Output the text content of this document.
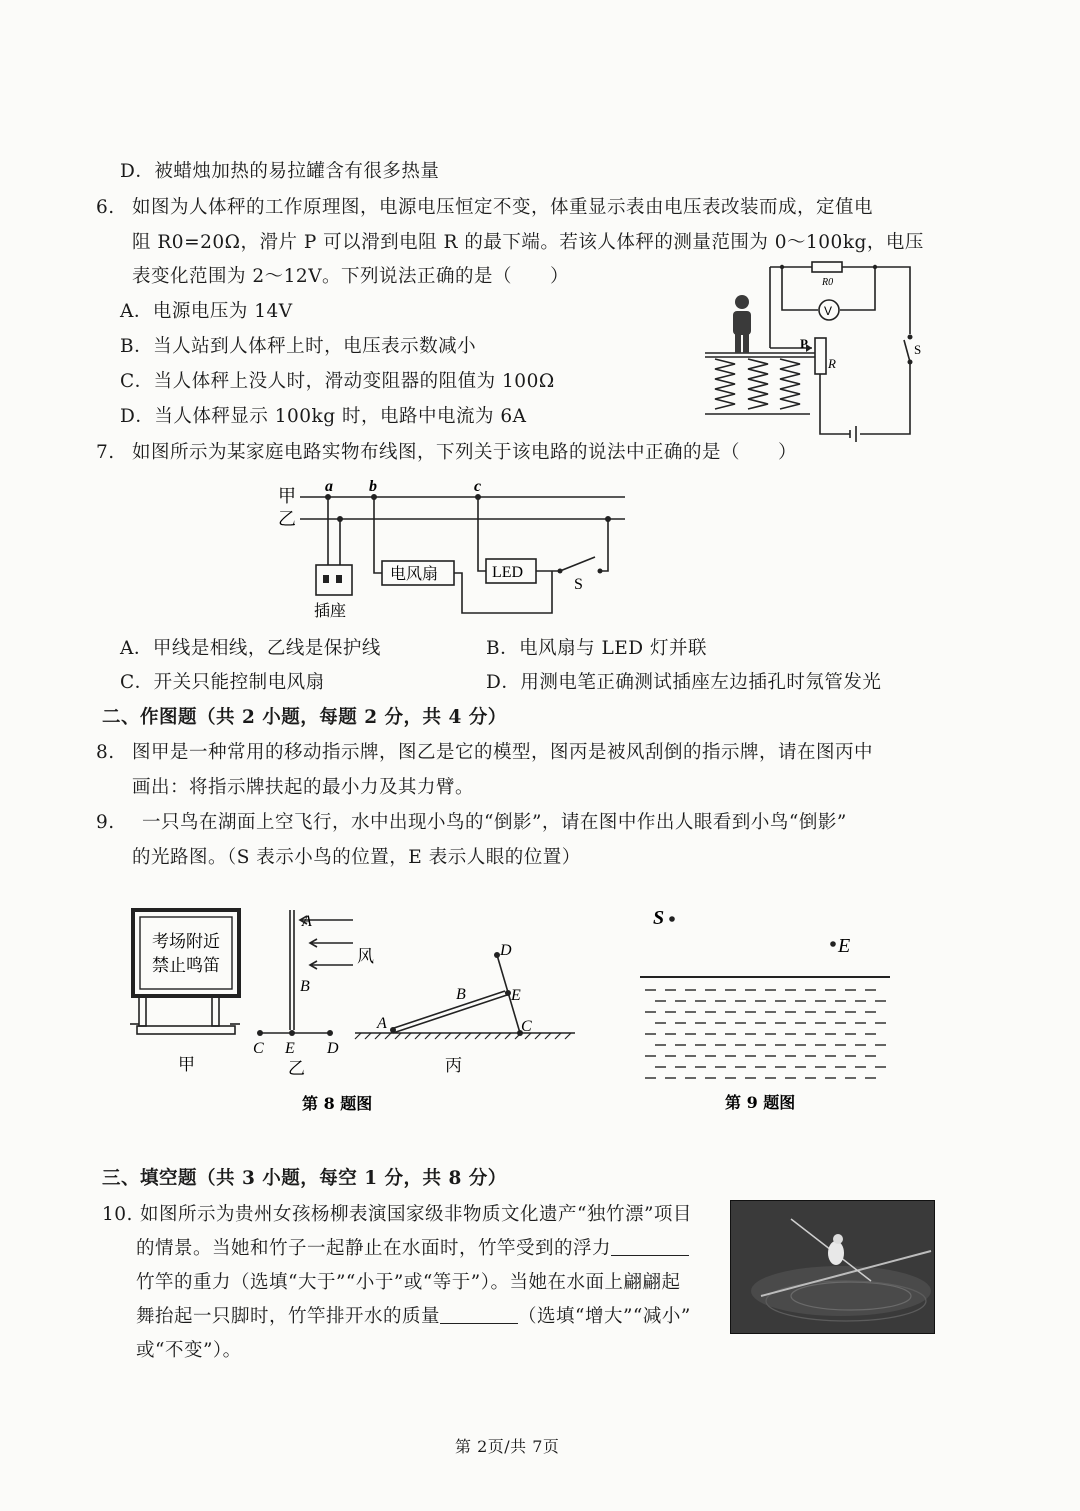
D．被蜡烛加热的易拉罐含有很多热量
6. 如图为人体秤的工作原理图，电源电压恒定不变，体重显示表由电压表改装而成，定值电
阻 R0=20Ω，滑片 P 可以滑到电阻 R 的最下端。若该人体秤的测量范围为 0～100kg，电压
表变化范围为 2～12V。下列说法正确的是（　　）
A．电源电压为 14V
B．当人站到人体秤上时，电压表示数减小
C．当人体秤上没人时，滑动变阻器的阻值为 100Ω
D．当人体秤显示 100kg 时，电路中电流为 6A
R0
V
P
R
S
7. 如图所示为某家庭电路实物布线图，下列关于该电路的说法中正确的是（　　）
甲
乙
a b	c
电风扇	LED
S
插座
A．甲线是相线，乙线是保护线	B．电风扇与 LED 灯并联
C．开关只能控制电风扇	D．用测电笔正确测试插座左边插孔时氖管发光
二、作图题（共 2 小题，每题 2 分，共 4 分）
8. 图甲是一种常用的移动指示牌，图乙是它的模型，图丙是被风刮倒的指示牌，请在图丙中
画出：将指示牌扶起的最小力及其力臂。
9. 一只鸟在湖面上空飞行，水中出现小鸟的“倒影”，请在图中作出人眼看到小鸟“倒影”
的光路图。（S 表示小鸟的位置，E 表示人眼的位置）
考场附近
禁止鸣笛
甲
A
B
C E D
风
乙
A
B
C
D
E
丙
第 8 题图
S
E
第 9 题图
三、填空题（共 3 小题，每空 1 分，共 8 分）
10. 如图所示为贵州女孩杨柳表演国家级非物质文化遗产“独竹漂”项目
的情景。当她和竹子一起静止在水面时，竹竿受到的浮力
竹竿的重力（选填“大于”“小于”或“等于”）。当她在水面上翩翩起
舞抬起一只脚时，竹竿排开水的质量	（选填“增大”“减小”
或“不变”）。
第 2页/共 7页
